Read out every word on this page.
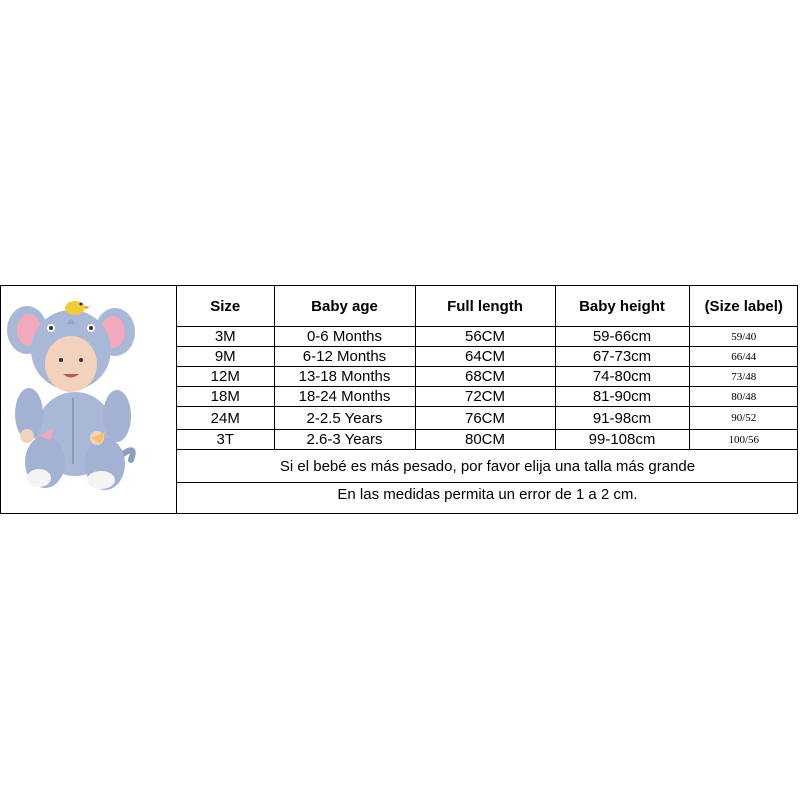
Size	Baby age	Full length	Baby height	(Size label)
3M	0-6 Months	56CM	59-66cm	59/40
9M	6-12 Months	64CM	67-73cm	66/44
12M	13-18 Months	68CM	74-80cm	73/48
18M	18-24 Months	72CM	81-90cm	80/48
24M	2-2.5 Years	76CM	91-98cm	90/52
3T	2.6-3 Years	80CM	99-108cm	100/56
Si el bebé es más pesado, por favor elija una talla más grande				
En las medidas permita un error de 1 a 2 cm.				
